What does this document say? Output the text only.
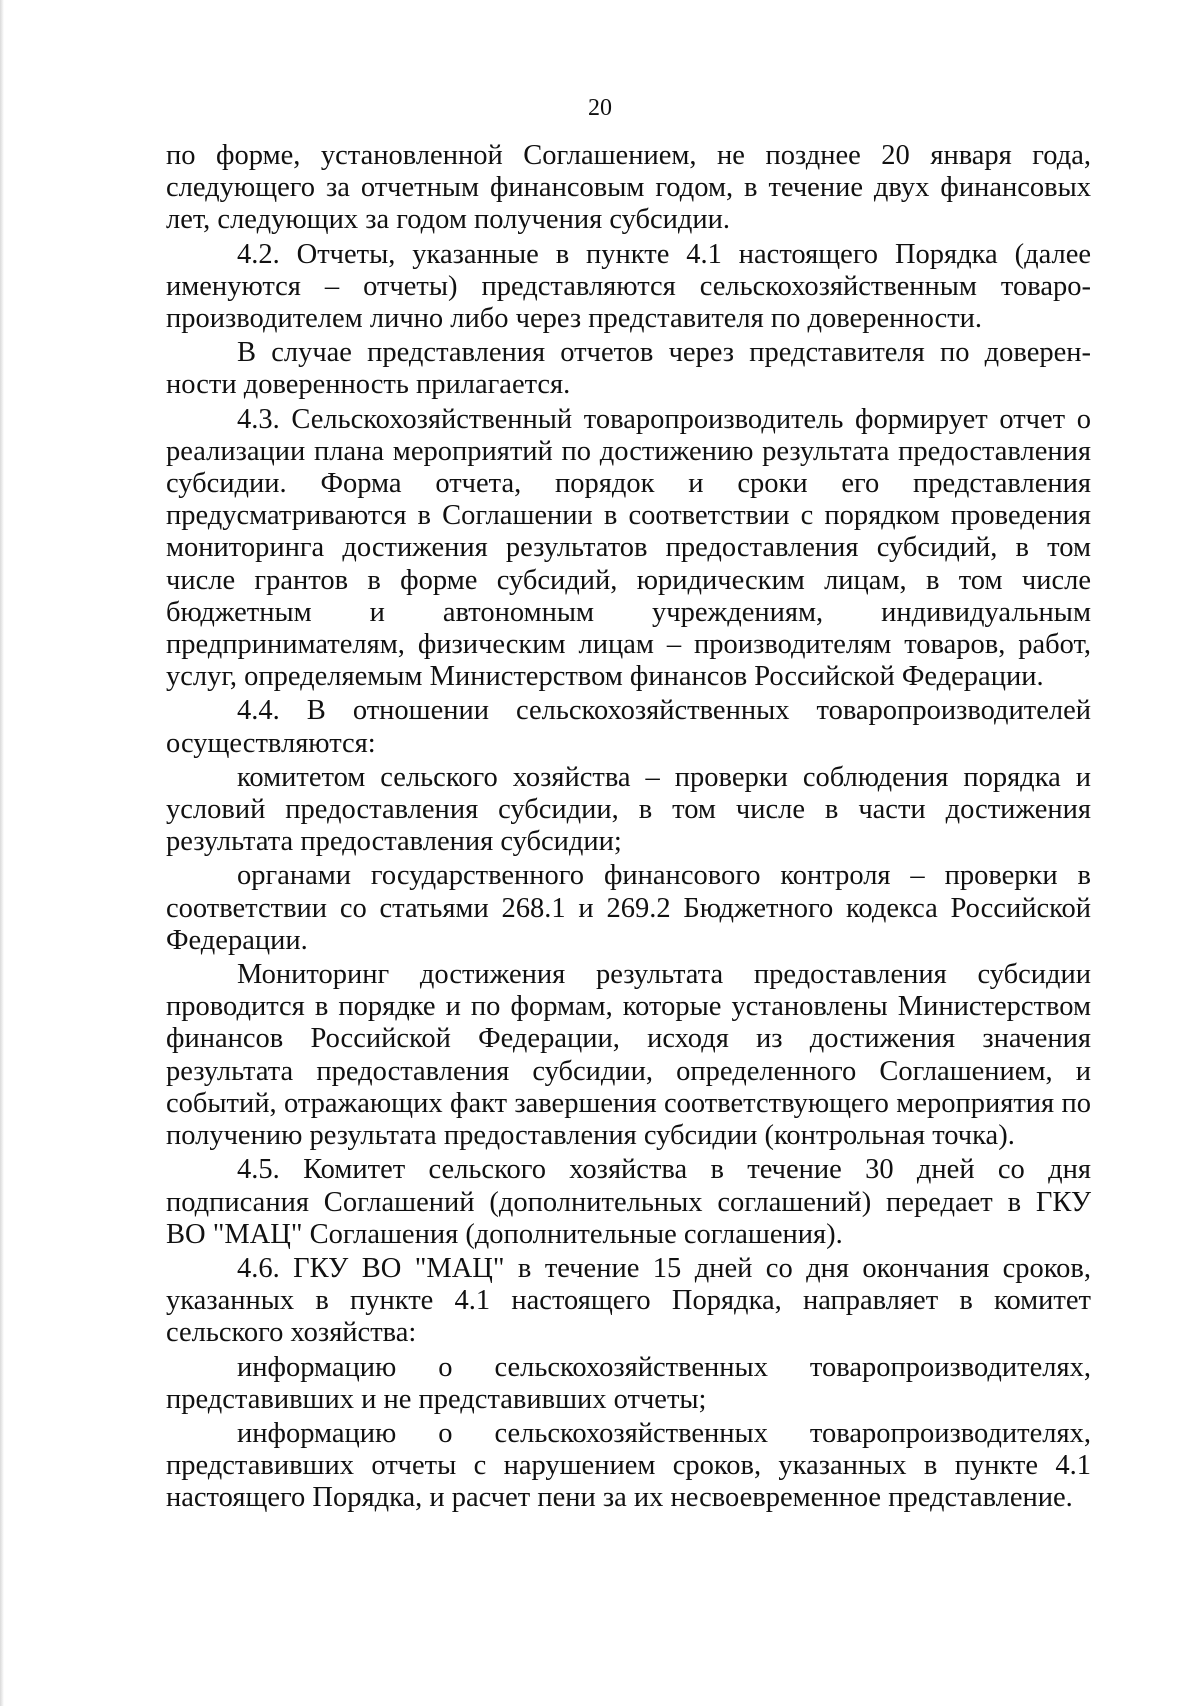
20

по форме, установленной Соглашением, не позднее 20 января года, следующего за отчетным финансовым годом, в течение двух финансовых лет, следующих за годом получения субсидии.

4.2. Отчеты, указанные в пункте 4.1 настоящего Порядка (далее именуются – отчеты) представляются сельскохозяйственным товаро-производителем лично либо через представителя по доверенности.

В случае представления отчетов через представителя по доверен-ности доверенность прилагается.

4.3. Сельскохозяйственный товаропроизводитель формирует отчет о реализации плана мероприятий по достижению результата предоставления субсидии. Форма отчета, порядок и сроки его представления предусматриваются в Соглашении в соответствии с порядком проведения мониторинга достижения результатов предоставления субсидий, в том числе грантов в форме субсидий, юридическим лицам, в том числе бюджетным и автономным учреждениям, индивидуальным предпринимателям, физическим лицам – производителям товаров, работ, услуг, определяемым Министерством финансов Российской Федерации.

4.4. В отношении сельскохозяйственных товаропроизводителей осуществляются:

комитетом сельского хозяйства – проверки соблюдения порядка и условий предоставления субсидии, в том числе в части достижения результата предоставления субсидии;

органами государственного финансового контроля – проверки в соответствии со статьями 268.1 и 269.2 Бюджетного кодекса Российской Федерации.

Мониторинг достижения результата предоставления субсидии проводится в порядке и по формам, которые установлены Министерством финансов Российской Федерации, исходя из достижения значения результата предоставления субсидии, определенного Соглашением, и событий, отражающих факт завершения соответствующего мероприятия по получению результата предоставления субсидии (контрольная точка).

4.5. Комитет сельского хозяйства в течение 30 дней со дня подписания Соглашений (дополнительных соглашений) передает в ГКУ ВО "МАЦ" Соглашения (дополнительные соглашения).

4.6. ГКУ ВО "МАЦ" в течение 15 дней со дня окончания сроков, указанных в пункте 4.1 настоящего Порядка, направляет в комитет сельского хозяйства:

информацию о сельскохозяйственных товаропроизводителях, представивших и не представивших отчеты;

информацию о сельскохозяйственных товаропроизводителях, представивших отчеты с нарушением сроков, указанных в пункте 4.1 настоящего Порядка, и расчет пени за их несвоевременное представление.
